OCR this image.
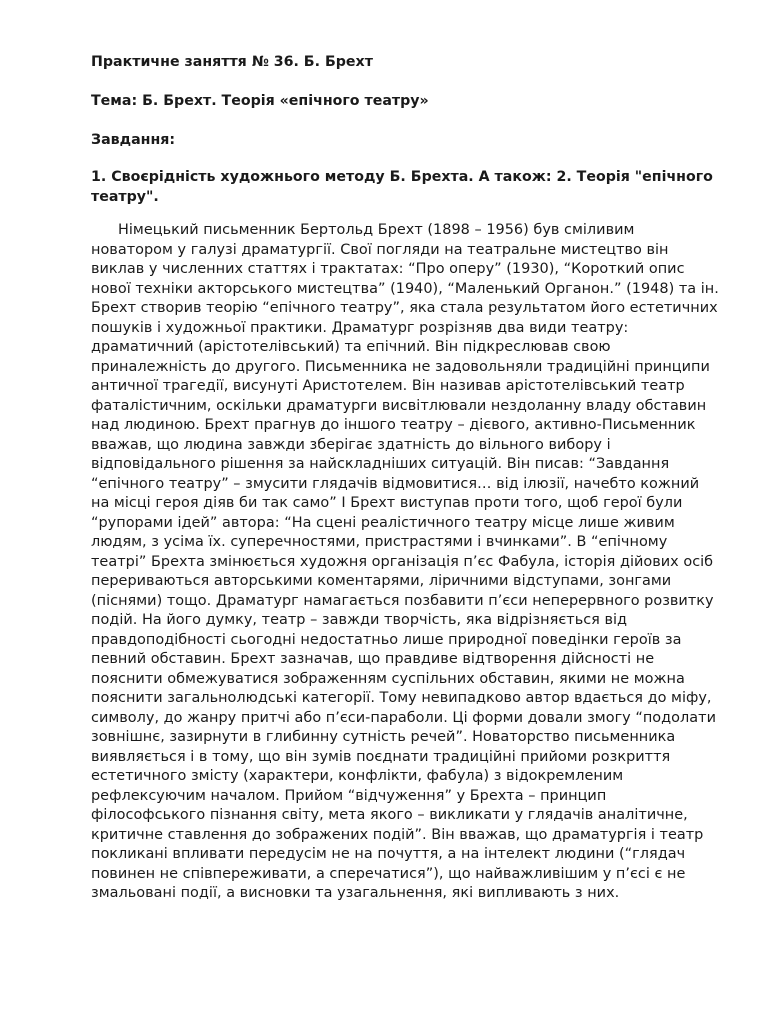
Практичне заняття № 36. Б. Брехт

Тема: Б. Брехт. Теорія «епічного театру»

Завдання:

1. Своєрідність художнього методу Б. Брехта. А також: 2. Теорія "епічного театру".

Німецький письменник Бертольд Брехт (1898 – 1956) був сміливим новатором у галузі драматургії. Свої погляди на театральне мистецтво він виклав у численних статтях і трактатах: “Про оперу” (1930), “Короткий опис нової техніки акторського мистецтва” (1940), “Маленький Органон.” (1948) та ін. Брехт створив теорію “епічного театру”, яка стала результатом його естетичних пошуків і художньої практики. Драматург розрізняв два види театру: драматичний (арістотелівський) та епічний. Він підкреслював свою приналежність до другого. Письменника не задовольняли традиційні принципи античної трагедії, висунуті Аристотелем. Він називав арістотелівський театр фаталістичним, оскільки драматурги висвітлювали нездоланну владу обставин над людиною. Брехт прагнув до іншого театру – дієвого, активно-Письменник вважав, що людина завжди зберігає здатність до вільного вибору і відповідального рішення за найскладніших ситуацій. Він писав: “Завдання “епічного театру” – змусити глядачів відмовитися… від ілюзії, начебто кожний на місці героя діяв би так само” І Брехт виступав проти того, щоб герої були “рупорами ідей” автора: “На сцені реалістичного театру місце лише живим людям, з усіма їх. суперечностями, пристрастями і вчинками”. В “епічному театрі” Брехта змінюється художня організація п’єс Фабула, історія дійових осіб перериваються авторськими коментарями, ліричними відступами, зонгами (піснями) тощо. Драматург намагається позбавити п’єси неперервного розвитку подій. На його думку, театр – завжди творчість, яка відрізняється від правдоподібності сьогодні недостатньо лише природної поведінки героїв за певний обставин. Брехт зазначав, що правдиве відтворення дійсності не пояснити обмежуватися зображенням суспільних обставин, якими не можна пояснити загальнолюдські категорії. Тому невипадково автор вдається до міфу, символу, до жанру притчі або п’єси-параболи. Ці форми довали змогу “подолати зовнішнє, зазирнути в глибинну сутність речей”. Новаторство письменника виявляється і в тому, що він зумів поєднати традиційні прийоми розкриття естетичного змісту (характери, конфлікти, фабула) з відокремленим рефлексуючим началом. Прийом “відчуження” у Брехта – принцип філософського пізнання світу, мета якого – викликати у глядачів аналітичне, критичне ставлення до зображених подій”. Він вважав, що драматургія і театр покликані впливати передусім не на почуття, а на інтелект людини (“глядач повинен не співпереживати, а сперечатися”), що найважливішим у п’єсі є не змальовані події, а висновки та узагальнення, які випливають з них.
